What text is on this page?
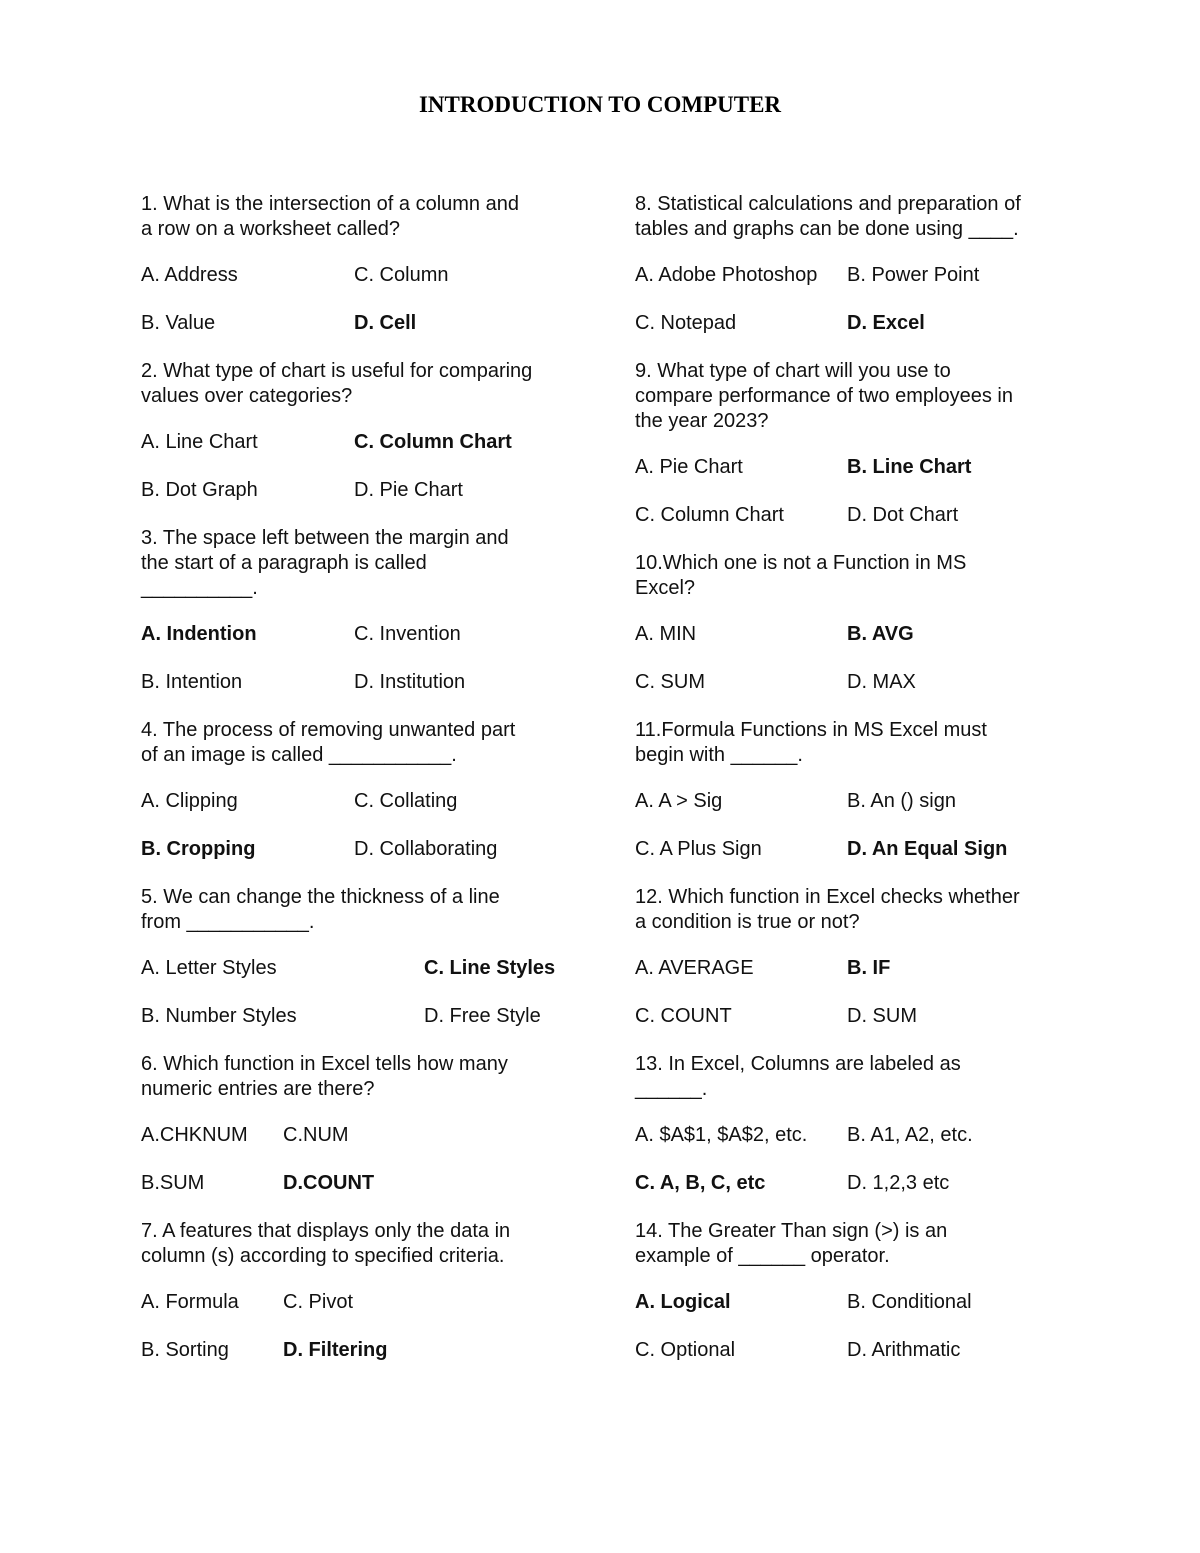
INTRODUCTION TO COMPUTER
1. What is the intersection of a column and
a row on a worksheet called?
A. Address	C. Column
B. Value	D. Cell
2. What type of chart is useful for comparing
values over categories?
A. Line Chart	C. Column Chart
B. Dot Graph	D. Pie Chart
3. The space left between the margin and
the start of a paragraph is called
__________.
A. Indention	C. Invention
B. Intention	D. Institution
4. The process of removing unwanted part
of an image is called ___________.
A. Clipping	C. Collating
B. Cropping	D. Collaborating
5. We can change the thickness of a line
from ___________.
A. Letter Styles	C. Line Styles
B. Number Styles	D. Free Style
6. Which function in Excel tells how many
numeric entries are there?
A.CHKNUM C.NUM
B.SUM	D.COUNT
7. A features that displays only the data in
column (s) according to specified criteria.
A. Formula C. Pivot
B. Sorting	D. Filtering
8. Statistical calculations and preparation of
tables and graphs can be done using ____.
A. Adobe Photoshop B. Power Point
C. Notepad	D. Excel
9. What type of chart will you use to
compare performance of two employees in
the year 2023?
A. Pie Chart	B. Line Chart
C. Column Chart	D. Dot Chart
10.Which one is not a Function in MS
Excel?
A. MIN	B. AVG
C. SUM	D. MAX
11.Formula Functions in MS Excel must
begin with ______.
A. A > Sig	B. An () sign
C. A Plus Sign	D. An Equal Sign
12. Which function in Excel checks whether
a condition is true or not?
A. AVERAGE	B. IF
C. COUNT	D. SUM
13. In Excel, Columns are labeled as
______.
A. $A$1, $A$2, etc. B. A1, A2, etc.
C. A, B, C, etc	D. 1,2,3 etc
14. The Greater Than sign (>) is an
example of ______ operator.
A. Logical	B. Conditional
C. Optional	D. Arithmatic
